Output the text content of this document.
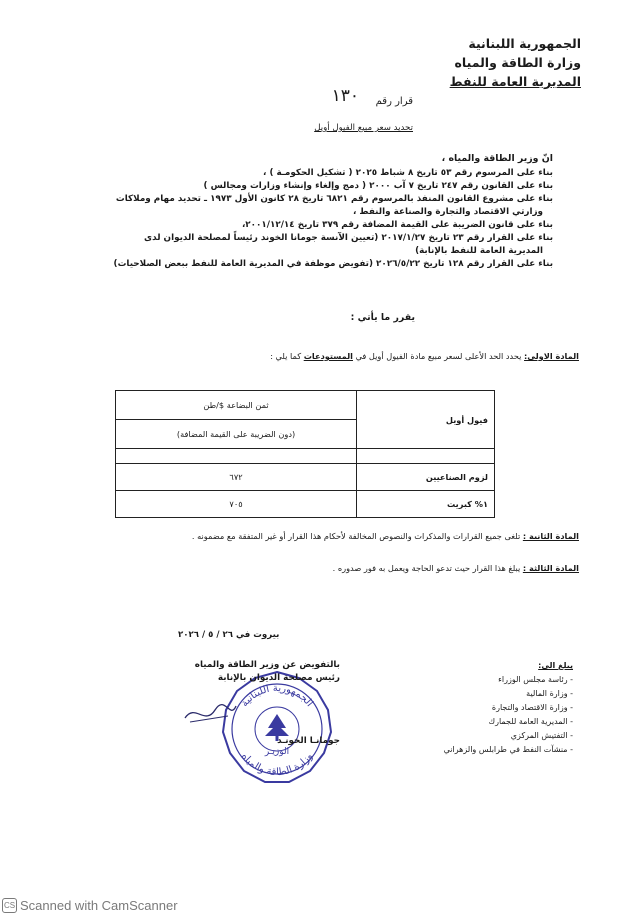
الجمهورية اللبنانية
وزارة الطاقة والمياه
المديرية العامة للنفط
قرار رقم
١٣٠
تحديد سعر مبيع الفيول أويل
انّ وزير الطاقة والمياه ،
بناء على المرسوم رقم ٥٣ تاريخ ٨ شباط ٢٠٢٥ ( تشكيل الحكومـة ) ،
بناء على القانون رقم ٢٤٧ تاريخ ٧ آب ٢٠٠٠ ( دمج وإلغاء وإنشاء وزارات ومجالس )
بناء على مشروع القانون المنفذ بالمرسوم رقم ٦٨٢١ تاريخ ٢٨ كانون الأول ١٩٧٣ ـ تحديد مهام وملاكات
وزارتي الاقتصاد والتجارة والصناعة والنفط ،
بناء على قانون الضريبة على القيمة المضافة رقم ٣٧٩ تاريخ ٢٠٠١/١٢/١٤،
بناء على القرار رقم ٢٣ تاريخ ٢٠١٧/١/٢٧ (تعيين الآنسة جومانا الخوند رئيساً لمصلحة الديوان لدى
المديرية العامة للنفط بالإنابة)
بناء على القرار رقم ١٢٨ تاريخ ٢٠٢٦/٥/٢٢ (تفويض موظفة في المديرية العامة للنفط ببعض الصلاحيات)
يقرر ما يأتي :
المادة الاولى: يحدد الحد الأعلى لسعر مبيع مادة الفيول أويل في المستودعات كما يلي :
فيول أويل	ثمن البضاعة $/طن
	(دون الضريبة على القيمة المضافة)

لزوم الصناعيين	٦٧٢
١% كبريت	٧٠٥
المادة الثانية : تلغى جميع القرارات والمذكرات والنصوص المخالفة لأحكام هذا القرار أو غير المتفقة مع مضمونه .
المادة الثالثة : يبلغ هذا القرار حيث تدعو الحاجة ويعمل به فور صدوره .
بيروت في ٢٦ / ٥ / ٢٠٢٦
الجمهورية اللبنانية
وزارة الطاقة والمياه
الوزيـر
بالتفويض عن وزير الطاقة والمياه
رئيس مصلحة الديوان بالإنابة
جومانـا الخونـد
يبلغ الى:
- رئاسة مجلس الوزراء
- وزارة المالية
- وزارة الاقتصاد والتجارة
- المديرية العامة للجمارك
- التفتيش المركزي
- منشآت النفط في طرابلس والزهراني
CS Scanned with CamScanner
